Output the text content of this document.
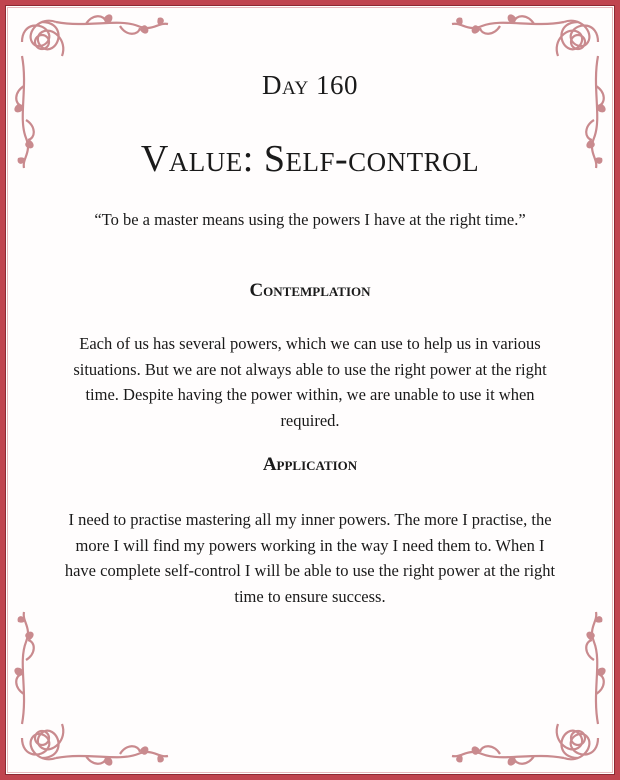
Day 160
Value: Self-control
“To be a master means using the powers I have at the right time.”
Contemplation
Each of us has several powers, which we can use to help us in various situations. But we are not always able to use the right power at the right time. Despite having the power within, we are unable to use it when required.
Application
I need to practise mastering all my inner powers. The more I practise, the more I will find my powers working in the way I need them to. When I have complete self-control I will be able to use the right power at the right time to ensure success.
